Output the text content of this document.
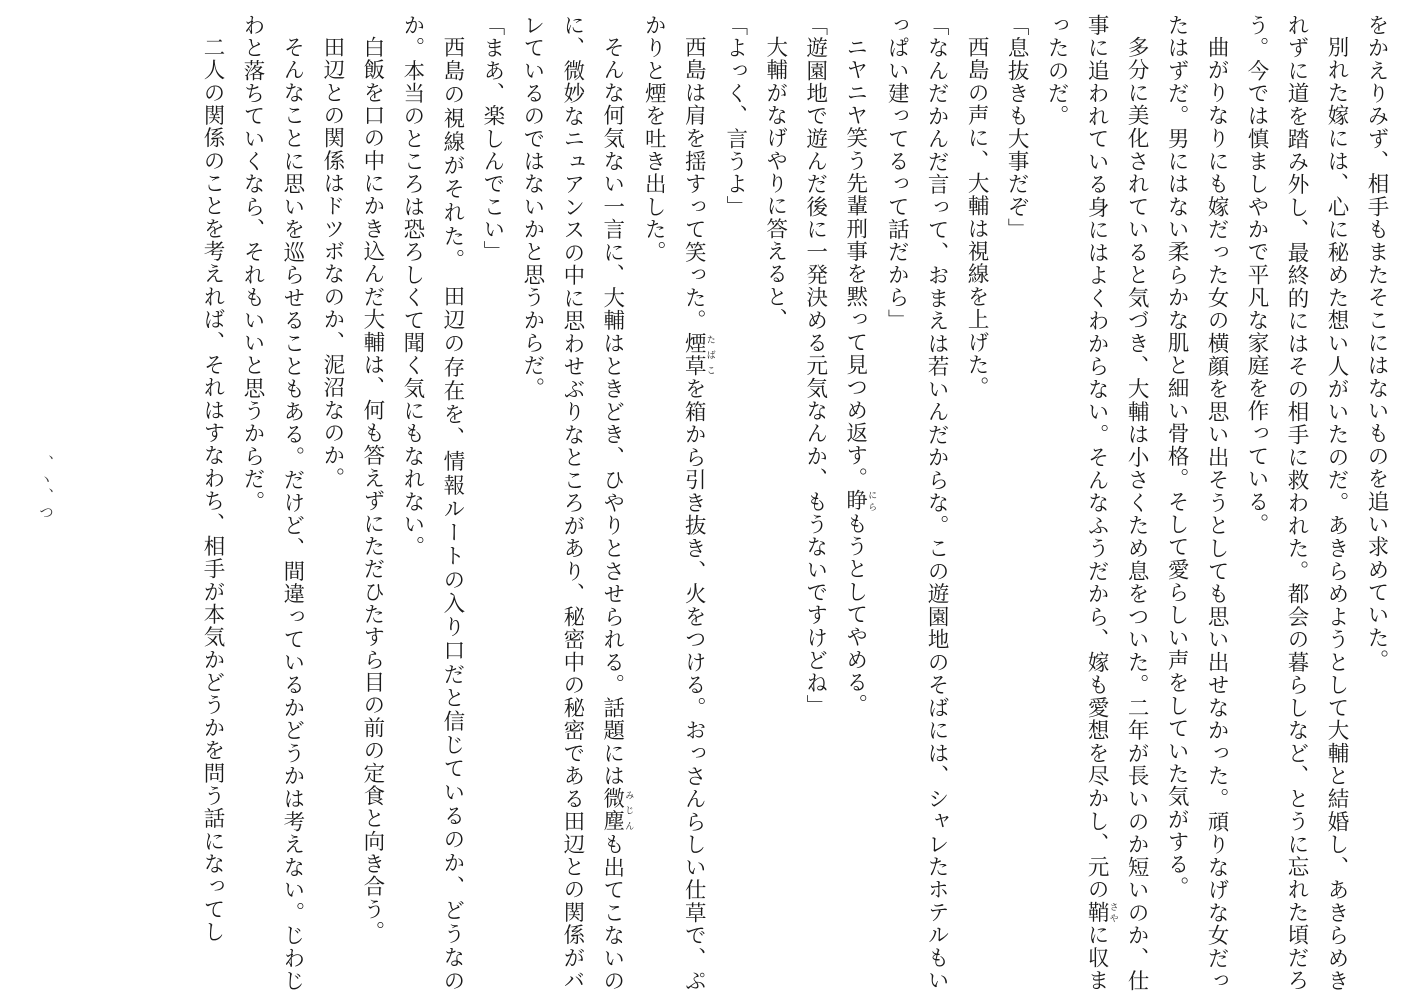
をかえりみず、相手もまたそこにはないものを追い求めていた。

別れた嫁には、心に秘めた想い人がいたのだ。あきらめようとして大輔と結婚し、あきらめきれずに道を踏み外し、最終的にはその相手に救われた。都会の暮らしなど、とうに忘れた頃だろう。今では慎ましやかで平凡な家庭を作っている。

曲がりなりにも嫁だった女の横顔を思い出そうとしても思い出せなかった。頑りなげな女だったはずだ。男にはない柔らかな肌と細い骨格。そして愛らしい声をしていた気がする。

多分に美化されていると気づき、大輔は小さくため息をついた。二年が長いのか短いのか、仕事に追われている身にはよくわからない。そんなふうだから、嫁も愛想を尽かし、元の鞘さやに収まったのだ。

「息抜きも大事だぞ」

西島の声に、大輔は視線を上げた。

「なんだかんだ言って、おまえは若いんだからな。この遊園地のそばには、シャレたホテルもいっぱい建ってるって話だから」

ニヤニヤ笑う先輩刑事を黙って見つめ返す。睁にらもうとしてやめる。

「遊園地で遊んだ後に一発決める元気なんか、もうないですけどね」

大輔がなげやりに答えると、

「よっく、言うよ」

西島は肩を揺すって笑った。煙草たばこを箱から引き抜き、火をつける。おっさんらしい仕草で、ぷかりと煙を吐き出した。

そんな何気ない一言に、大輔はときどき、ひやりとさせられる。話題には微塵みじんも出てこないのに、微妙なニュアンスの中に思わせぶりなところがあり、秘密中の秘密である田辺との関係がバレているのではないかと思うからだ。

「まあ、楽しんでこい」

西島の視線がそれた。　田辺の存在を、情報ルートの入り口だと信じているのか、どうなのか。本当のところは恐ろしくて聞く気にもなれない。

白飯を口の中にかき込んだ大輔は、何も答えずにただひたすら目の前の定食と向き合う。

田辺との関係はドツボなのか、泥沼なのか。

そんなことに思いを巡らせることもある。だけど、間違っているかどうかは考えない。じわじわと落ちていくなら、それもいいと思うからだ。

二人の関係のことを考えれば、それはすなわち、相手が本気かどうかを問う話になってし

、ヽ、つ
